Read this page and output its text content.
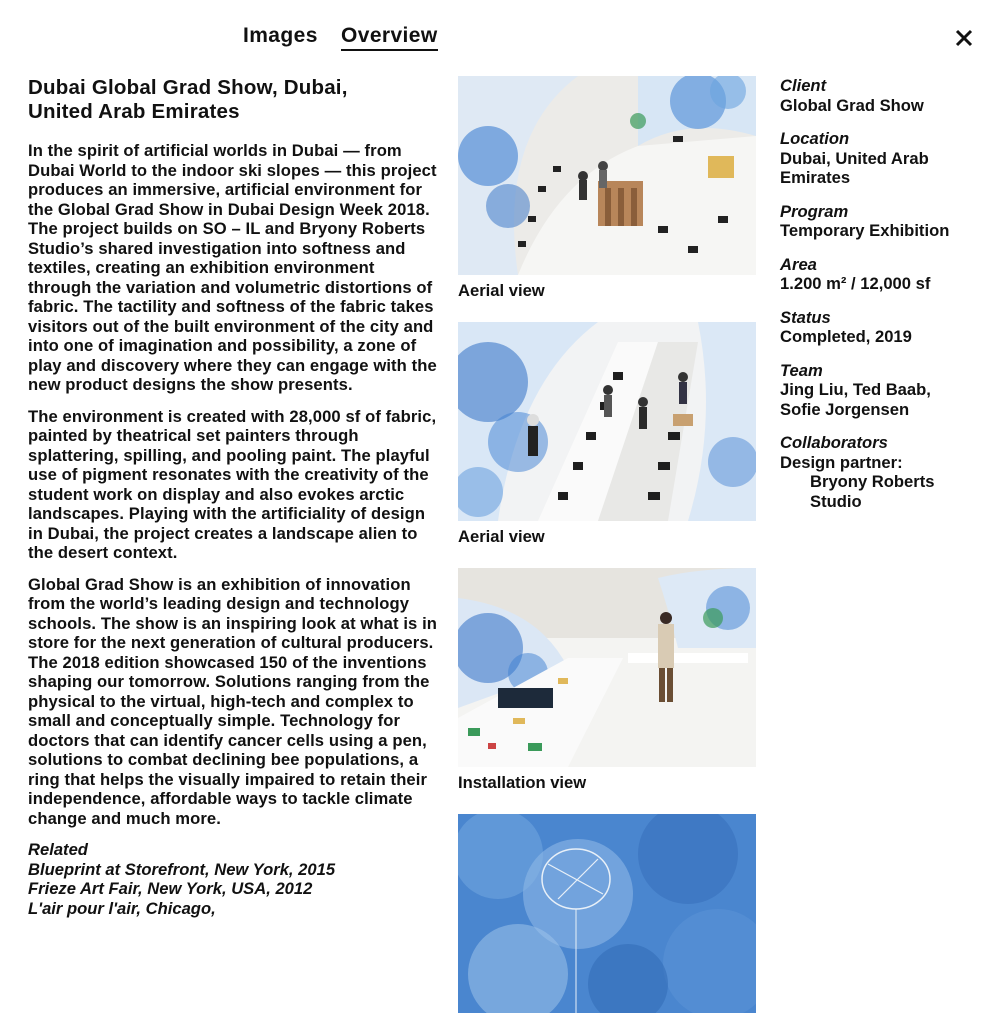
Images Overview
Dubai Global Grad Show, Dubai,
United Arab Emirates

In the spirit of artificial worlds in Dubai — from Dubai World to the indoor ski slopes — this project produces an immersive, artificial environment for the Global Grad Show in Dubai Design Week 2018. The project builds on SO – IL and Bryony Roberts Studio’s shared investigation into softness and textiles, creating an exhibition environment through the variation and volumetric distortions of fabric. The tactility and softness of the fabric takes visitors out of the built environment of the city and into one of imagination and possibility, a zone of play and discovery where they can engage with the new product designs the show presents.

The environment is created with 28,000 sf of fabric, painted by theatrical set painters through splattering, spilling, and pooling paint. The playful use of pigment resonates with the creativity of the student work on display and also evokes arctic landscapes. Playing with the artificiality of design in Dubai, the project creates a landscape alien to the desert context.

Global Grad Show is an exhibition of innovation from the world’s leading design and technology schools. The show is an inspiring look at what is in store for the next generation of cultural producers. The 2018 edition showcased 150 of the inventions shaping our tomorrow. Solutions ranging from the physical to the virtual, high-tech and complex to small and conceptually simple. Technology for doctors that can identify cancer cells using a pen, solutions to combat declining bee populations, a ring that helps the visually impaired to retain their independence, affordable ways to tackle climate change and much more.

Related
Blueprint at Storefront, New York, 2015
Frieze Art Fair, New York, USA, 2012
L'air pour l'air, Chicago,
Aerial view
Aerial view
Installation view
Client
Global Grad Show
Location
Dubai, United Arab
Emirates
Program
Temporary Exhibition
Area
1.200 m² / 12,000 sf
Status
Completed, 2019
Team
Jing Liu, Ted Baab,
Sofie Jorgensen
Collaborators
Design partner:
Bryony Roberts
Studio
